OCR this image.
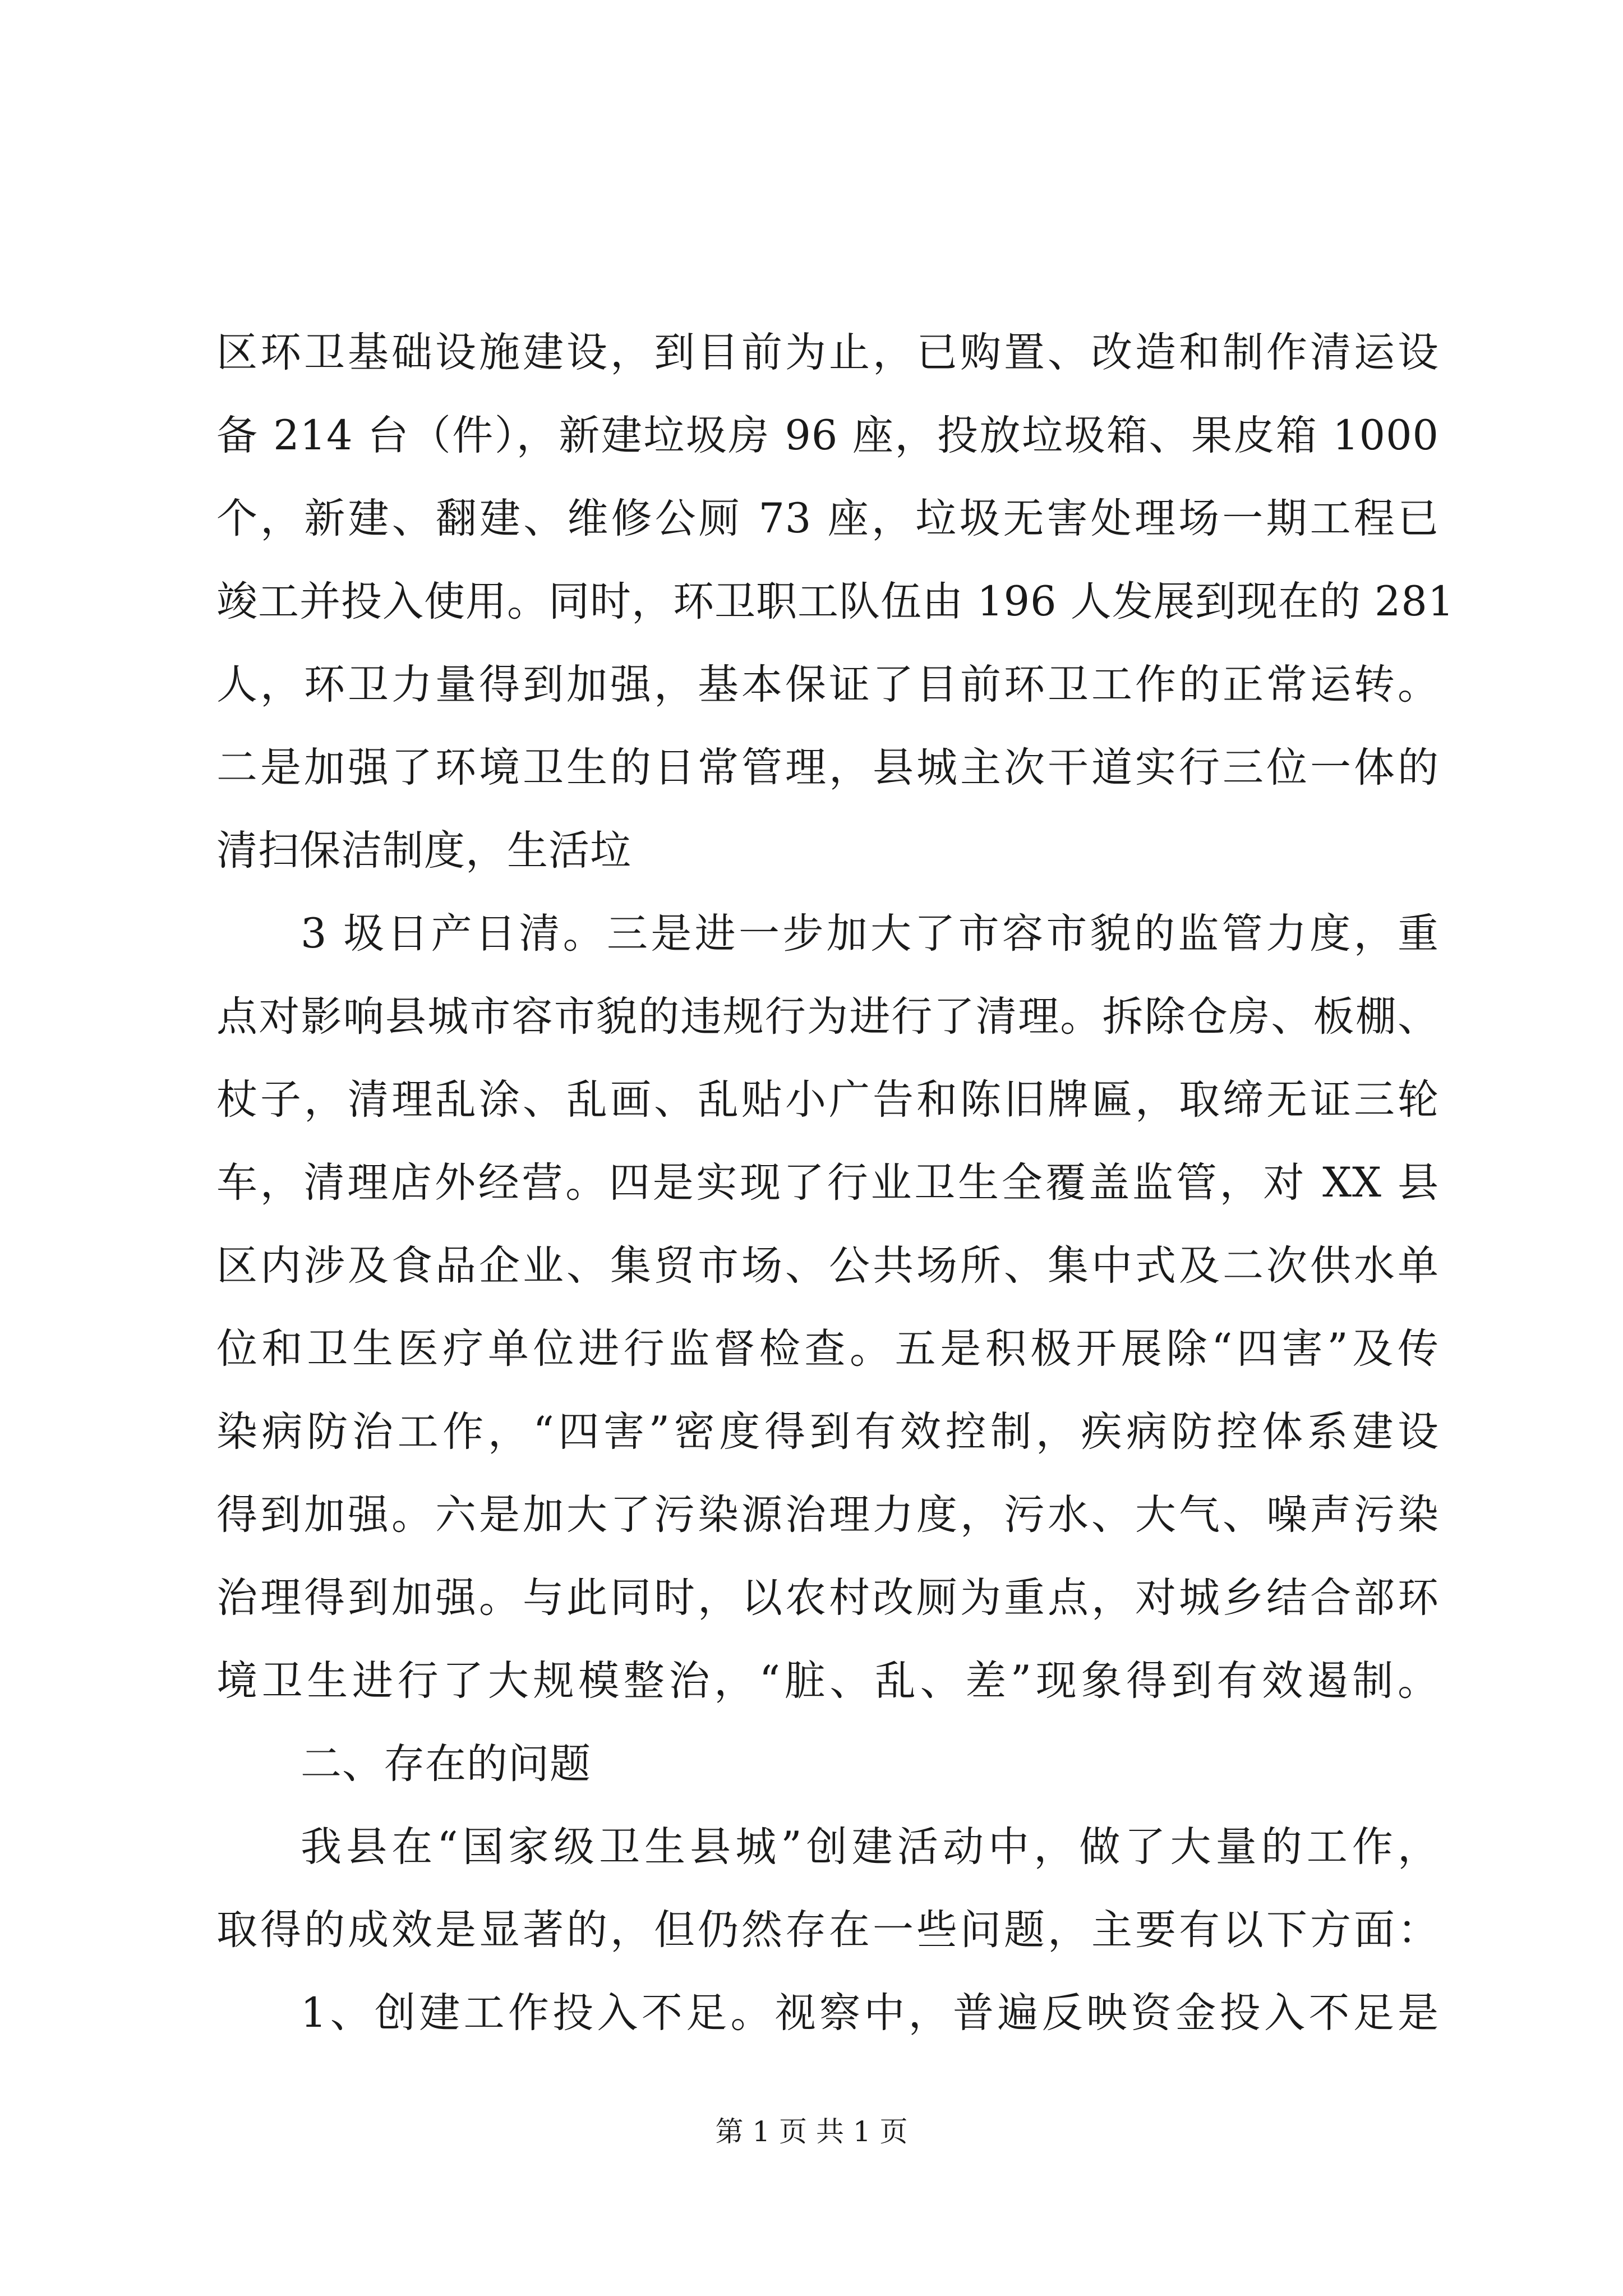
区环卫基础设施建设，到目前为止，已购置、改造和制作清运设
备 214 台（件），新建垃圾房 96 座，投放垃圾箱、果皮箱 1000
个，新建、翻建、维修公厕 73 座，垃圾无害处理场一期工程已
竣工并投入使用。同时，环卫职工队伍由 196 人发展到现在的 281
人，环卫力量得到加强，基本保证了目前环卫工作的正常运转。
二是加强了环境卫生的日常管理，县城主次干道实行三位一体的
清扫保洁制度，生活垃
3 圾日产日清。三是进一步加大了市容市貌的监管力度，重
点对影响县城市容市貌的违规行为进行了清理。拆除仓房、板棚、
杖子，清理乱涂、乱画、乱贴小广告和陈旧牌匾，取缔无证三轮
车，清理店外经营。四是实现了行业卫生全覆盖监管，对 XX 县
区内涉及食品企业、集贸市场、公共场所、集中式及二次供水单
位和卫生医疗单位进行监督检查。五是积极开展除“四害”及传
染病防治工作，“四害”密度得到有效控制，疾病防控体系建设
得到加强。六是加大了污染源治理力度，污水、大气、噪声污染
治理得到加强。与此同时，以农村改厕为重点，对城乡结合部环
境卫生进行了大规模整治，“脏、乱、差”现象得到有效遏制。
二、存在的问题
我县在“国家级卫生县城”创建活动中，做了大量的工作，
取得的成效是显著的，但仍然存在一些问题，主要有以下方面：
1、创建工作投入不足。视察中，普遍反映资金投入不足是
第 1 页 共 1 页
